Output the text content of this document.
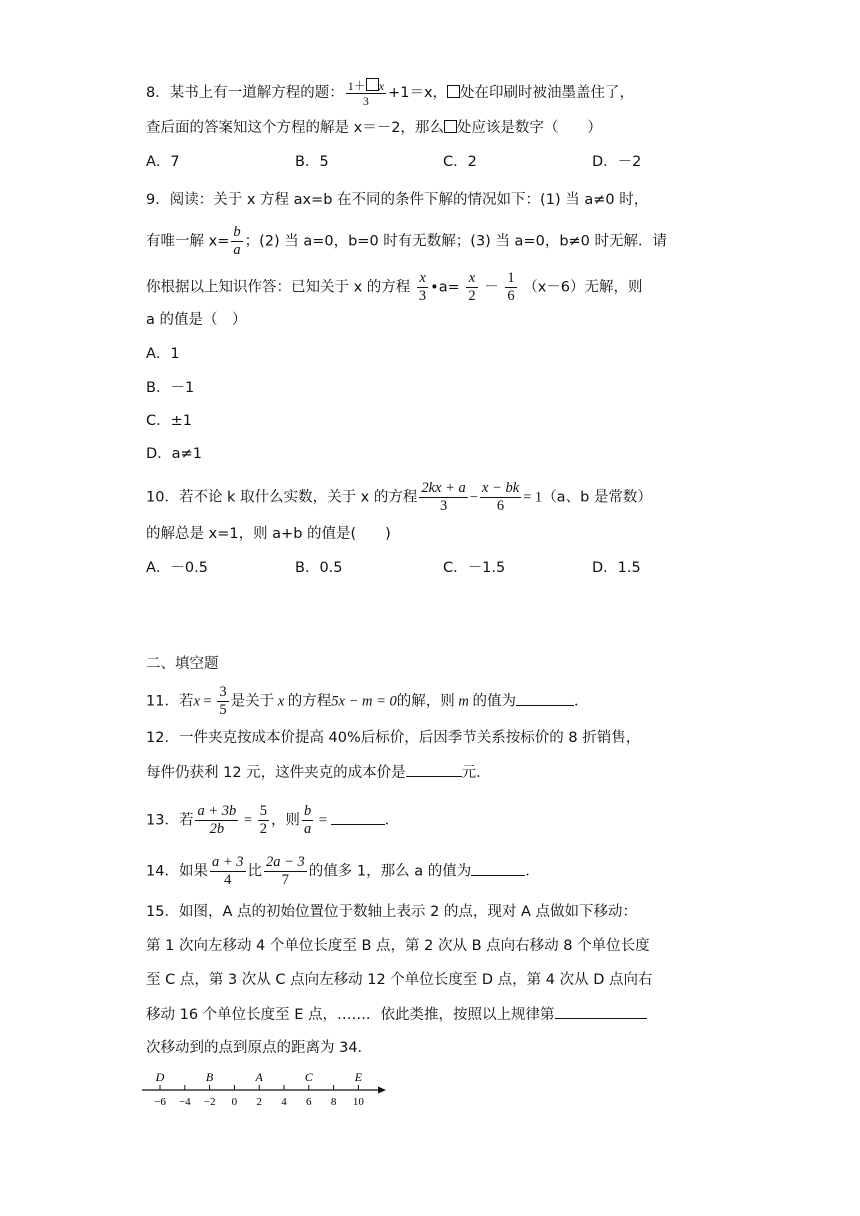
8．某书上有一道解方程的题： $\frac{1+ x}{3} +1=x$， 处在印刷时被油墨盖住了，
查后面的答案知这个方程的解是 x＝－2，那么 处应该是数字（　　）
A．7	B．5	C．2	D．－2
9．阅读：关于 x 方程 ax=b 在不同的条件下解的情况如下：(1) 当 a≠0 时，
有唯一解 $x= \frac{b}{a}$ ；(2) 当 a=0，b=0 时有无数解；(3) 当 a=0，b≠0 时无解．请
你根据以上知识作答：已知关于 x 的方程 $\frac{x}{3}$ •a= $\frac{x}{2} - \frac{1}{6} (x-6)$无解，则
a 的值是（　）
A．1
B．－1
C．±1
D．a≠1
10．若不论 k 取什么实数，关于 x 的方程 $\frac{2kx + a}{3} - \frac{x - bk}{6} = 1(a$、b 是常数）
的解总是 x=1，则 a+b 的值是(　　)
A．－0.5	B．0.5	C．－1.5	D．1.5
二、填空题
11．若$x = \frac{3}{5}$ 是关于 x 的方程5x − m = 0的解，则 m 的值为	．
12．一件夹克按成本价提高 40%后标价，后因季节关系按标价的 8 折销售，
每件仍获利 12 元，这件夹克的成本价是	元．
13．若 $\frac{a + 3b}{2b} = \frac{5}{2}$ ，则 $\frac{b}{a}$ =	．
14．如果 $\frac{a + 3}{4}$ 比 $\frac{2a - 3}{7}$ 的值多 1，那么 a 的值为	．
15．如图，A 点的初始位置位于数轴上表示 2 的点，现对 A 点做如下移动：
第 1 次向左移动 4 个单位长度至 B 点，第 2 次从 B 点向右移动 8 个单位长度
至 C 点，第 3 次从 C 点向左移动 12 个单位长度至 D 点，第 4 次从 D 点向右
移动 16 个单位长度至 E 点，……．依此类推，按照以上规律第
次移动到的点到原点的距离为 34．
−6 −4 −2 0 2 4 6 8 10
D	B	A	C	E
